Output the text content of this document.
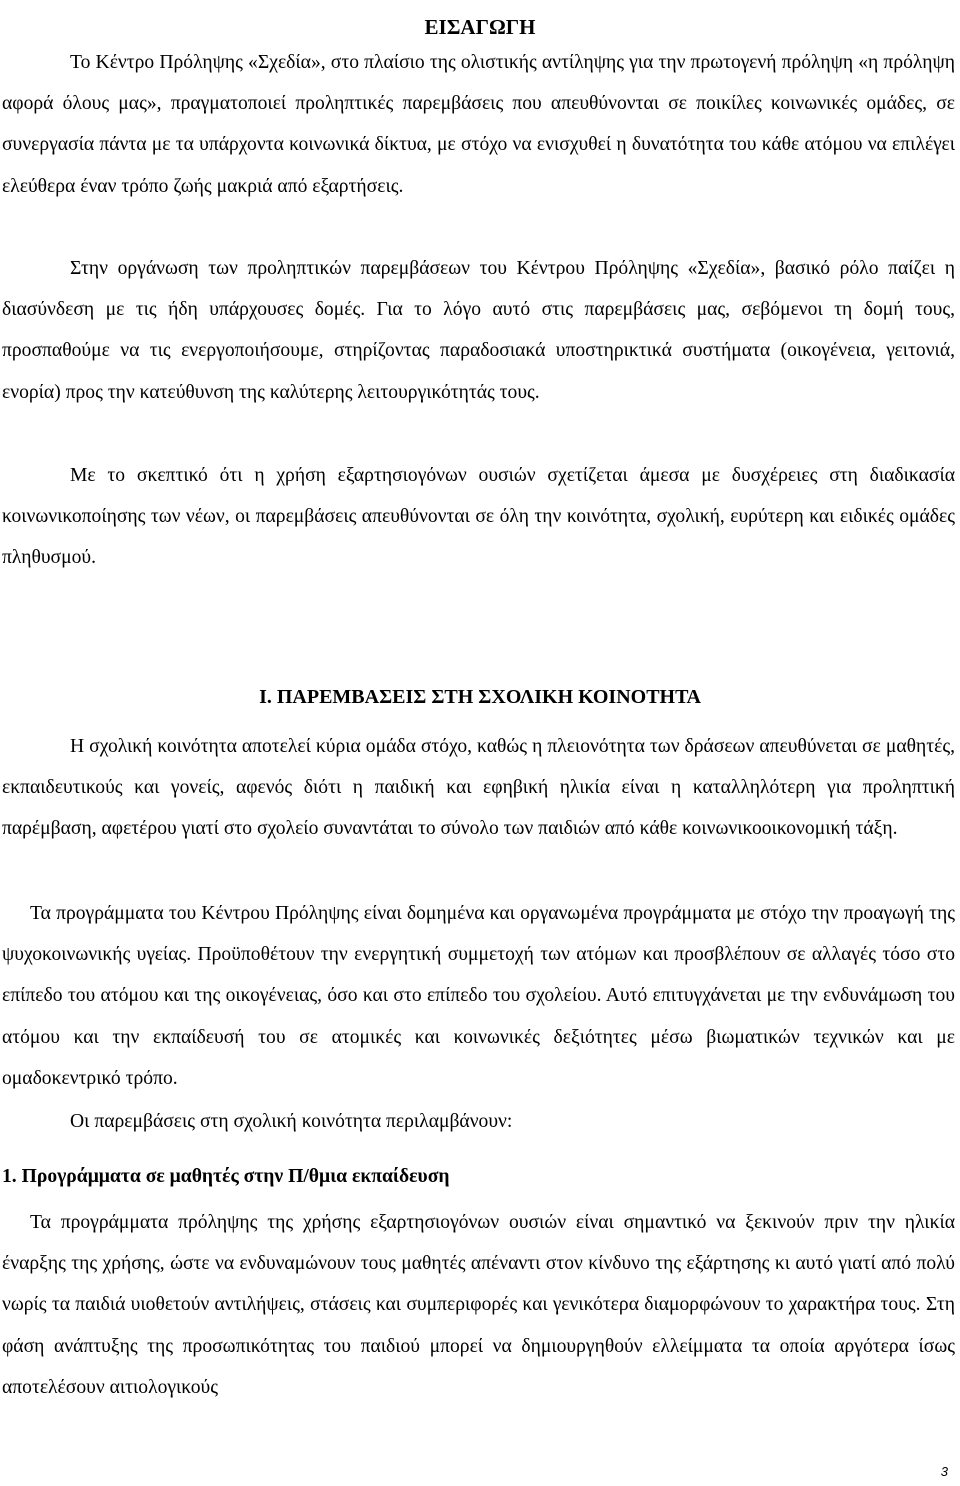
ΕΙΣΑΓΩΓΗ

Το Κέντρο Πρόληψης «Σχεδία», στο πλαίσιο της ολιστικής αντίληψης για την πρωτογενή πρόληψη «η πρόληψη αφορά όλους μας», πραγματοποιεί προληπτικές παρεμβάσεις που απευθύνονται σε ποικίλες κοινωνικές ομάδες, σε συνεργασία πάντα με τα υπάρχοντα κοινωνικά δίκτυα, με στόχο να ενισχυθεί η δυνατότητα του κάθε ατόμου να επιλέγει ελεύθερα έναν τρόπο ζωής μακριά από εξαρτήσεις.

Στην οργάνωση των προληπτικών παρεμβάσεων του Κέντρου Πρόληψης «Σχεδία», βασικό ρόλο παίζει η διασύνδεση με τις ήδη υπάρχουσες δομές. Για το λόγο αυτό στις παρεμβάσεις μας, σεβόμενοι τη δομή τους, προσπαθούμε να τις ενεργοποιήσουμε, στηρίζοντας παραδοσιακά υποστηρικτικά συστήματα (οικογένεια, γειτονιά, ενορία) προς την κατεύθυνση της καλύτερης λειτουργικότητάς τους.

Με το σκεπτικό ότι η χρήση εξαρτησιογόνων ουσιών σχετίζεται άμεσα με δυσχέρειες στη διαδικασία κοινωνικοποίησης των νέων, οι παρεμβάσεις απευθύνονται σε όλη την κοινότητα, σχολική, ευρύτερη και ειδικές ομάδες πληθυσμού.

Ι. ΠΑΡΕΜΒΑΣΕΙΣ ΣΤΗ ΣΧΟΛΙΚΗ ΚΟΙΝΟΤΗΤΑ

Η σχολική κοινότητα αποτελεί κύρια ομάδα στόχο, καθώς η πλειονότητα των δράσεων απευθύνεται σε μαθητές, εκπαιδευτικούς και γονείς, αφενός διότι η παιδική και εφηβική ηλικία είναι η καταλληλότερη για προληπτική παρέμβαση, αφετέρου γιατί στο σχολείο συναντάται το σύνολο των παιδιών από κάθε κοινωνικοοικονομική τάξη.

Τα προγράμματα του Κέντρου Πρόληψης είναι δομημένα και οργανωμένα προγράμματα με στόχο την προαγωγή της ψυχοκοινωνικής υγείας. Προϋποθέτουν την ενεργητική συμμετοχή των ατόμων και προσβλέπουν σε αλλαγές τόσο στο επίπεδο του ατόμου και της οικογένειας, όσο και στο επίπεδο του σχολείου. Αυτό επιτυγχάνεται με την ενδυνάμωση του ατόμου και την εκπαίδευσή του σε ατομικές και κοινωνικές δεξιότητες μέσω βιωματικών τεχνικών και με ομαδοκεντρικό τρόπο.

Οι παρεμβάσεις στη σχολική κοινότητα περιλαμβάνουν:

1. Προγράμματα σε μαθητές στην Π/θμια εκπαίδευση

Τα προγράμματα πρόληψης της χρήσης εξαρτησιογόνων ουσιών είναι σημαντικό να ξεκινούν πριν την ηλικία έναρξης της χρήσης, ώστε να ενδυναμώνουν τους μαθητές απέναντι στον κίνδυνο της εξάρτησης κι αυτό γιατί από πολύ νωρίς τα παιδιά υιοθετούν αντιλήψεις, στάσεις και συμπεριφορές και γενικότερα διαμορφώνουν το χαρακτήρα τους. Στη φάση ανάπτυξης της προσωπικότητας του παιδιού μπορεί να δημιουργηθούν ελλείμματα τα οποία αργότερα ίσως αποτελέσουν αιτιολογικούς

3
